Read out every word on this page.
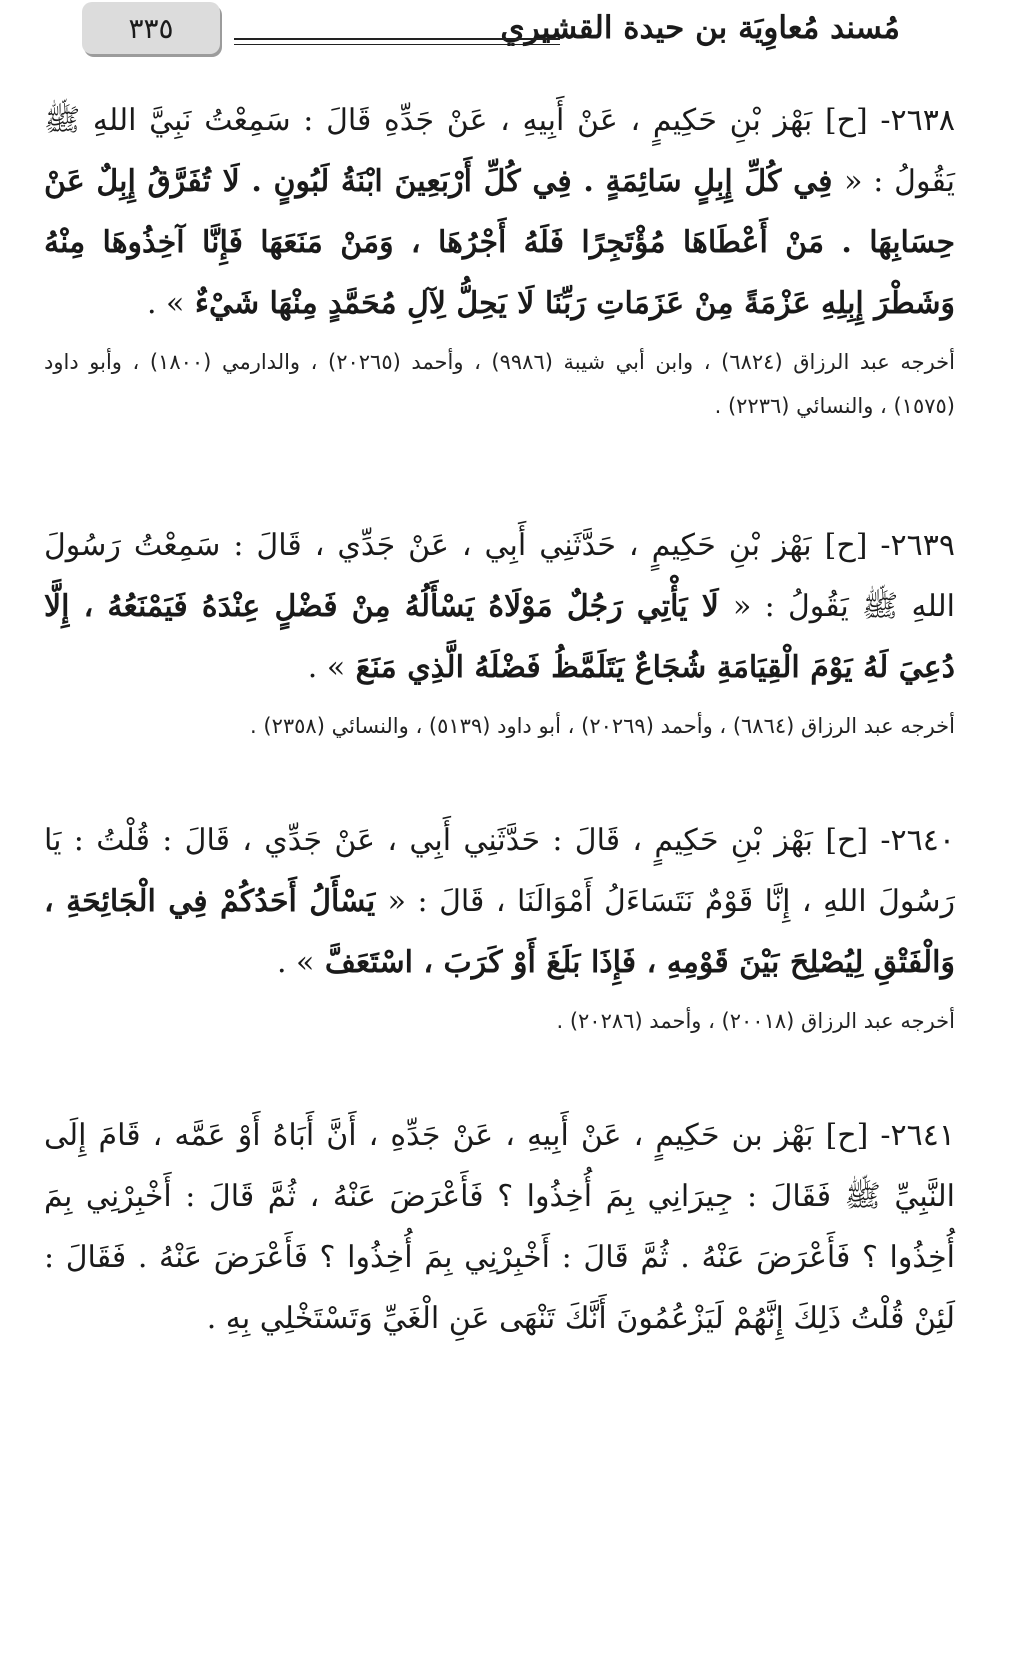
مُسند مُعاوِيَة بن حيدة القشيري
٣٣٥

٢٦٣٨- [ح] بَهْز بْنِ حَكِيمٍ ، عَنْ أَبِيهِ ، عَنْ جَدِّهِ قَالَ : سَمِعْتُ نَبِيَّ اللهِ ﷺ يَقُولُ : « فِي كُلِّ إِبِلٍ سَائِمَةٍ . فِي كُلِّ أَرْبَعِينَ ابْنَةُ لَبُونٍ . لَا تُفَرَّقُ إِبِلٌ عَنْ حِسَابِهَا . مَنْ أَعْطَاهَا مُؤْتَجِرًا فَلَهُ أَجْرُهَا ، وَمَنْ مَنَعَهَا فَإِنَّا آخِذُوهَا مِنْهُ وَشَطْرَ إِبِلِهِ عَزْمَةً مِنْ عَزَمَاتِ رَبِّنَا لَا يَحِلُّ لِآلِ مُحَمَّدٍ مِنْهَا شَيْءٌ » .

أخرجه عبد الرزاق (٦٨٢٤) ، وابن أبي شيبة (٩٩٨٦) ، وأحمد (٢٠٢٦٥) ، والدارمي (١٨٠٠) ، وأبو داود (١٥٧٥) ، والنسائي (٢٢٣٦) .

٢٦٣٩- [ح] بَهْز بْنِ حَكِيمٍ ، حَدَّثَنِي أَبِي ، عَنْ جَدِّي ، قَالَ : سَمِعْتُ رَسُولَ اللهِ ﷺ يَقُولُ : « لَا يَأْتِي رَجُلٌ مَوْلَاهُ يَسْأَلُهُ مِنْ فَضْلٍ عِنْدَهُ فَيَمْنَعُهُ ، إِلَّا دُعِيَ لَهُ يَوْمَ الْقِيَامَةِ شُجَاعٌ يَتَلَمَّظُ فَضْلَهُ الَّذِي مَنَعَ » .

أخرجه عبد الرزاق (٦٨٦٤) ، وأحمد (٢٠٢٦٩) ، أبو داود (٥١٣٩) ، والنسائي (٢٣٥٨) .

٢٦٤٠- [ح] بَهْز بْنِ حَكِيمٍ ، قَالَ : حَدَّثَنِي أَبِي ، عَنْ جَدِّي ، قَالَ : قُلْتُ : يَا رَسُولَ اللهِ ، إِنَّا قَوْمٌ نَتَسَاءَلُ أَمْوَالَنَا ، قَالَ : « يَسْأَلُ أَحَدُكُمْ فِي الْجَائِحَةِ ، وَالْفَتْقِ لِيُصْلِحَ بَيْنَ قَوْمِهِ ، فَإِذَا بَلَغَ أَوْ كَرَبَ ، اسْتَعَفَّ » .

أخرجه عبد الرزاق (٢٠٠١٨) ، وأحمد (٢٠٢٨٦) .

٢٦٤١- [ح] بَهْز بن حَكِيمٍ ، عَنْ أَبِيهِ ، عَنْ جَدِّهِ ، أَنَّ أَبَاهُ أَوْ عَمَّه ، قَامَ إِلَى النَّبِيِّ ﷺ فَقَالَ : جِيرَانِي بِمَ أُخِذُوا ؟ فَأَعْرَضَ عَنْهُ ، ثُمَّ قَالَ : أَخْبِرْنِي بِمَ أُخِذُوا ؟ فَأَعْرَضَ عَنْهُ . ثُمَّ قَالَ : أَخْبِرْنِي بِمَ أُخِذُوا ؟ فَأَعْرَضَ عَنْهُ . فَقَالَ : لَئِنْ قُلْتُ ذَلِكَ إِنَّهُمْ لَيَزْعُمُونَ أَنَّكَ تَنْهَى عَنِ الْغَيِّ وَتَسْتَخْلِي بِهِ .
